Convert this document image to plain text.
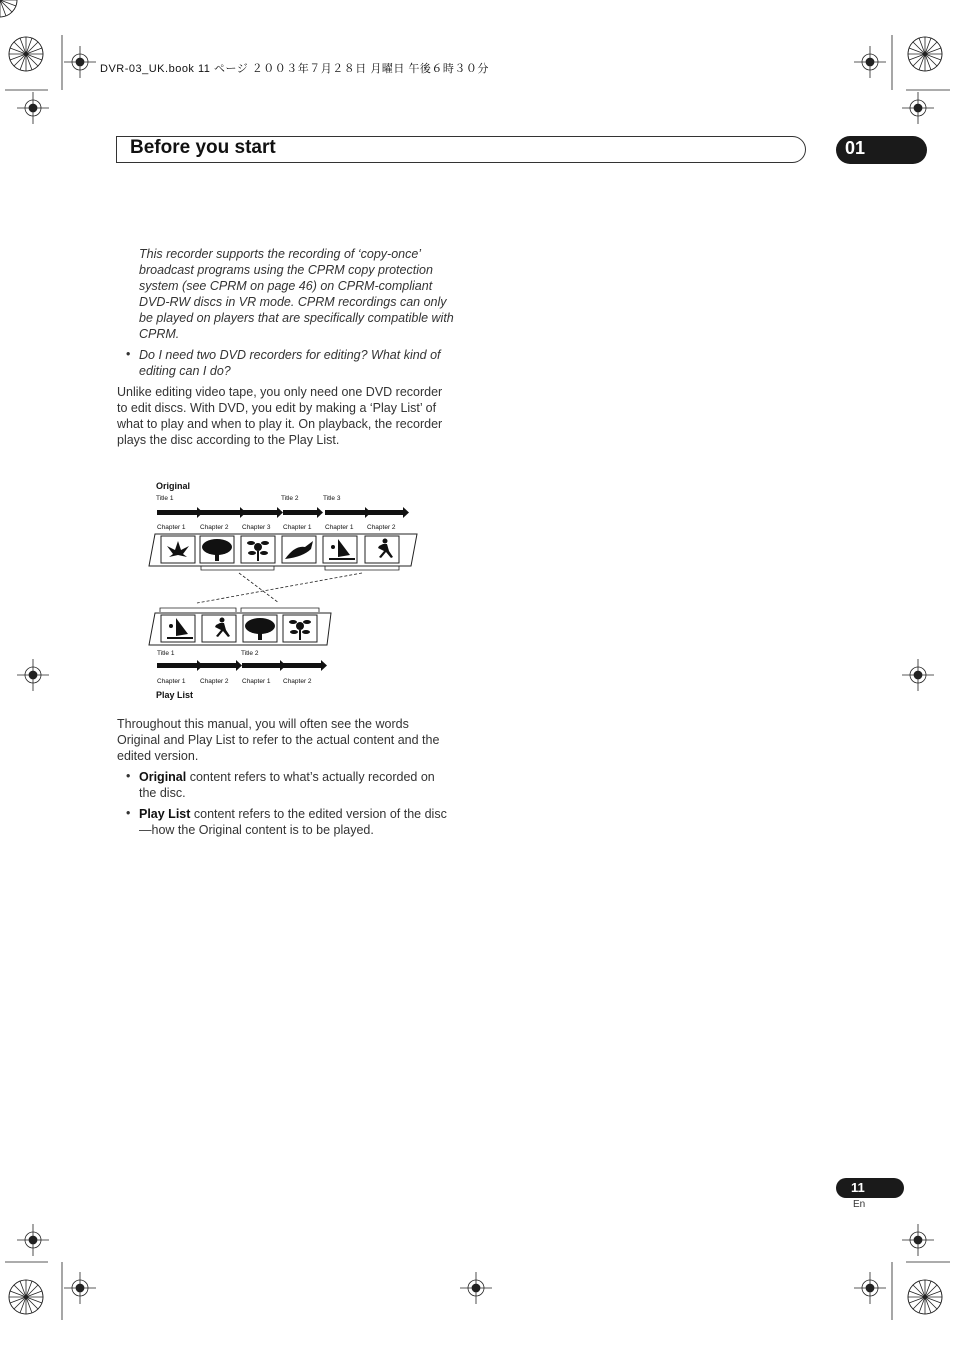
DVR-03_UK.book 11 ページ ２００３年７月２８日 月曜日 午後６時３０分
Before you start	01
This recorder supports the recording of ‘copy-once’ broadcast programs using the CPRM copy protection system (see CPRM on page 46) on CPRM-compliant DVD-RW discs in VR mode. CPRM recordings can only be played on players that are specifically compatible with CPRM.
• Do I need two DVD recorders for editing? What kind of editing can I do?
Unlike editing video tape, you only need one DVD recorder to edit discs. With DVD, you edit by making a ‘Play List’ of what to play and when to play it. On playback, the recorder plays the disc according to the Play List.
Original
Title 1	Title 2	Title 3
Chapter 1 Chapter 2 Chapter 3 Chapter 1 Chapter 1 Chapter 2
Title 1	Title 2
Chapter 1 Chapter 2 Chapter 1 Chapter 2
Play List
Throughout this manual, you will often see the words Original and Play List to refer to the actual content and the edited version.
• Original content refers to what’s actually recorded on the disc.
• Play List content refers to the edited version of the disc—how the Original content is to be played.
11
En
